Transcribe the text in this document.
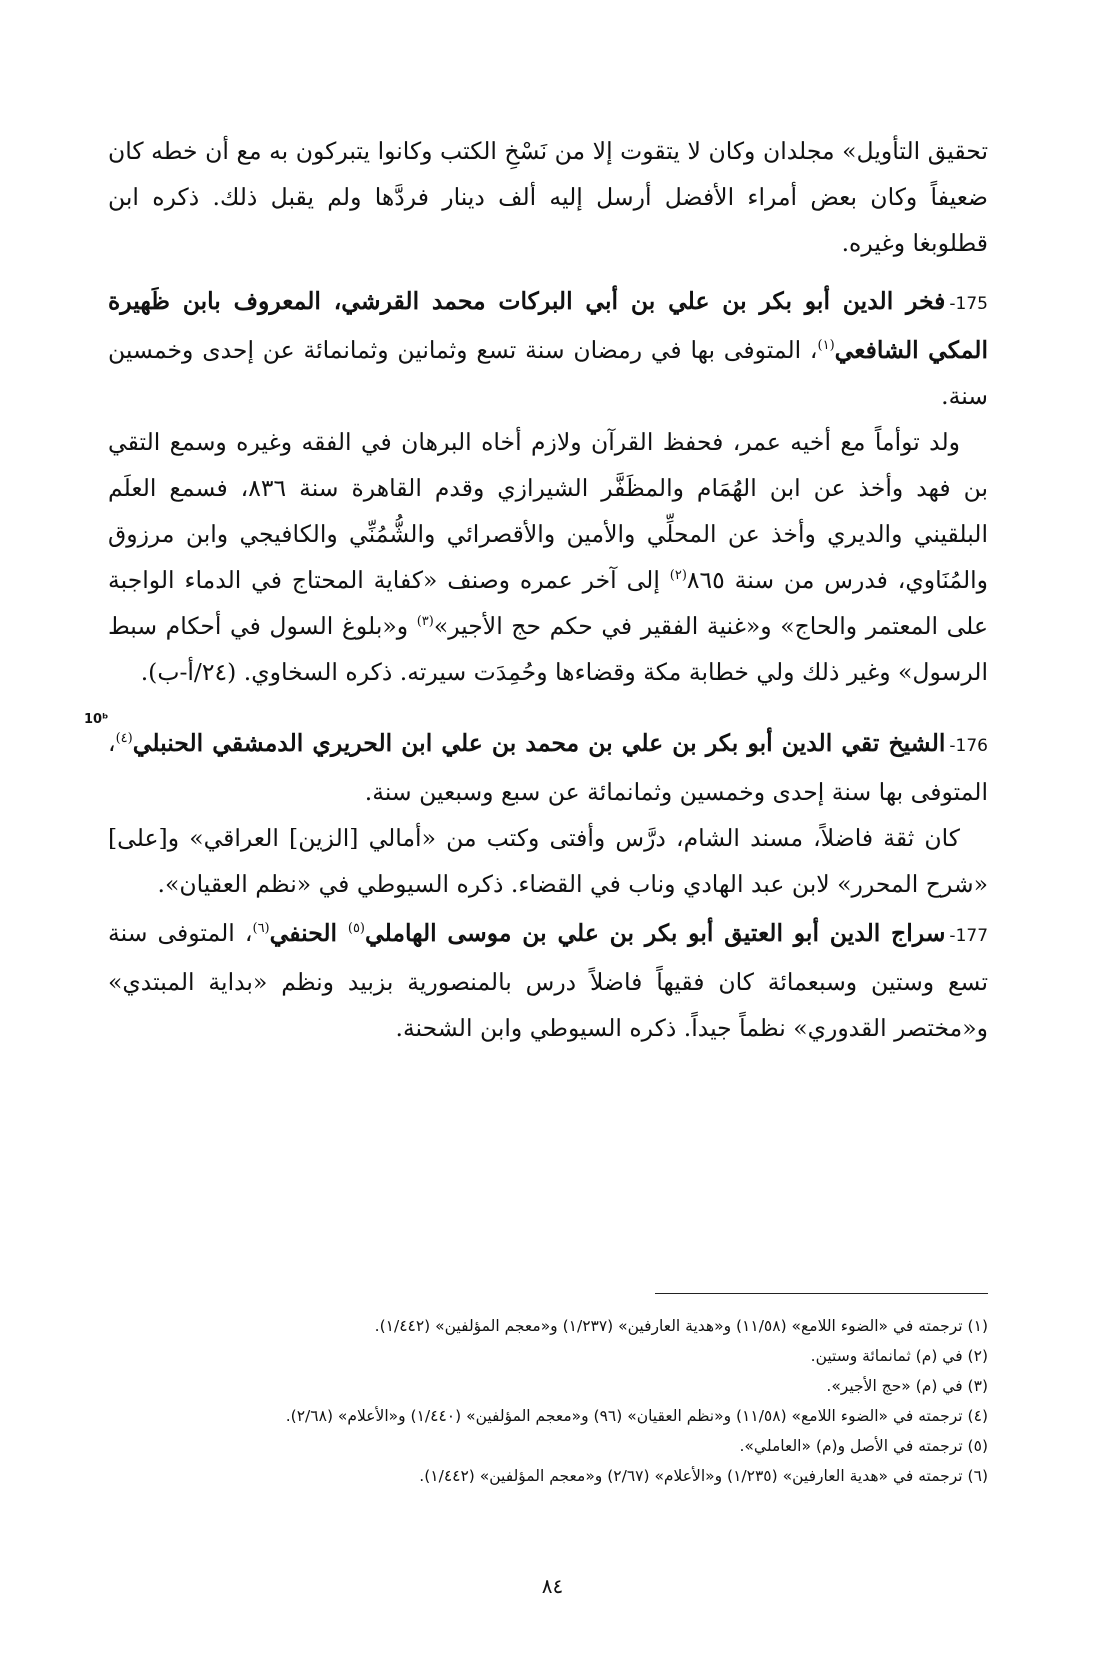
تحقيق التأويل» مجلدان وكان لا يتقوت إلا من نَسْخِ الكتب وكانوا يتبركون به مع أن خطه كان ضعيفاً وكان بعض أمراء الأفضل أرسل إليه ألف دينار فردَّها ولم يقبل ذلك. ذكره ابن قطلوبغا وغيره.

175-فخر الدين أبو بكر بن علي بن أبي البركات محمد القرشي، المعروف بابن ظَهيرة المكي الشافعي$^{(١)}$، المتوفى بها في رمضان سنة تسع وثمانين وثمانمائة عن إحدى وخمسين سنة.

ولد توأماً مع أخيه عمر، فحفظ القرآن ولازم أخاه البرهان في الفقه وغيره وسمع التقي بن فهد وأخذ عن ابن الهُمَام والمظَفَّر الشيرازي وقدم القاهرة سنة ٨٣٦، فسمع العلَم البلقيني والديري وأخذ عن المحلِّي والأمين والأقصرائي والشُّمُنِّي والكافيجي وابن مرزوق والمُنَاوي، فدرس من سنة ٨٦٥$^{(٢)}$ إلى آخر عمره وصنف «كفاية المحتاج في الدماء الواجبة على المعتمر والحاج» و«غنية الفقير في حكم حج الأجير»$^{(٣)}$ و«بلوغ السول في أحكام سبط الرسول» وغير ذلك ولي خطابة مكة وقضاءها وحُمِدَت سيرته. ذكره السخاوي. (٢٤/أ-ب).

10ᵇ

176-الشيخ تقي الدين أبو بكر بن علي بن محمد بن علي ابن الحريري الدمشقي الحنبلي$^{(٤)}$، المتوفى بها سنة إحدى وخمسين وثمانمائة عن سبع وسبعين سنة.

كان ثقة فاضلاً، مسند الشام، درَّس وأفتى وكتب من «أمالي [الزين] العراقي» و[على] «شرح المحرر» لابن عبد الهادي وناب في القضاء. ذكره السيوطي في «نظم العقيان».

177-سراج الدين أبو العتيق أبو بكر بن علي بن موسى الهاملي$^{(٥)}$ الحنفي$^{(٦)}$، المتوفى سنة تسع وستين وسبعمائة كان فقيهاً فاضلاً درس بالمنصورية بزبيد ونظم «بداية المبتدي» و«مختصر القدوري» نظماً جيداً. ذكره السيوطي وابن الشحنة.

(١) ترجمته في «الضوء اللامع» (١١/٥٨) و«هدية العارفين» (١/٢٣٧) و«معجم المؤلفين» (١/٤٤٢).
(٢) في (م) ثمانمائة وستين.
(٣) في (م) «حج الأجير».
(٤) ترجمته في «الضوء اللامع» (١١/٥٨) و«نظم العقيان» (٩٦) و«معجم المؤلفين» (١/٤٤٠) و«الأعلام» (٢/٦٨).
(٥) ترجمته في الأصل و(م) «العاملي».
(٦) ترجمته في «هدية العارفين» (١/٢٣٥) و«الأعلام» (٢/٦٧) و«معجم المؤلفين» (١/٤٤٢).
٨٤
